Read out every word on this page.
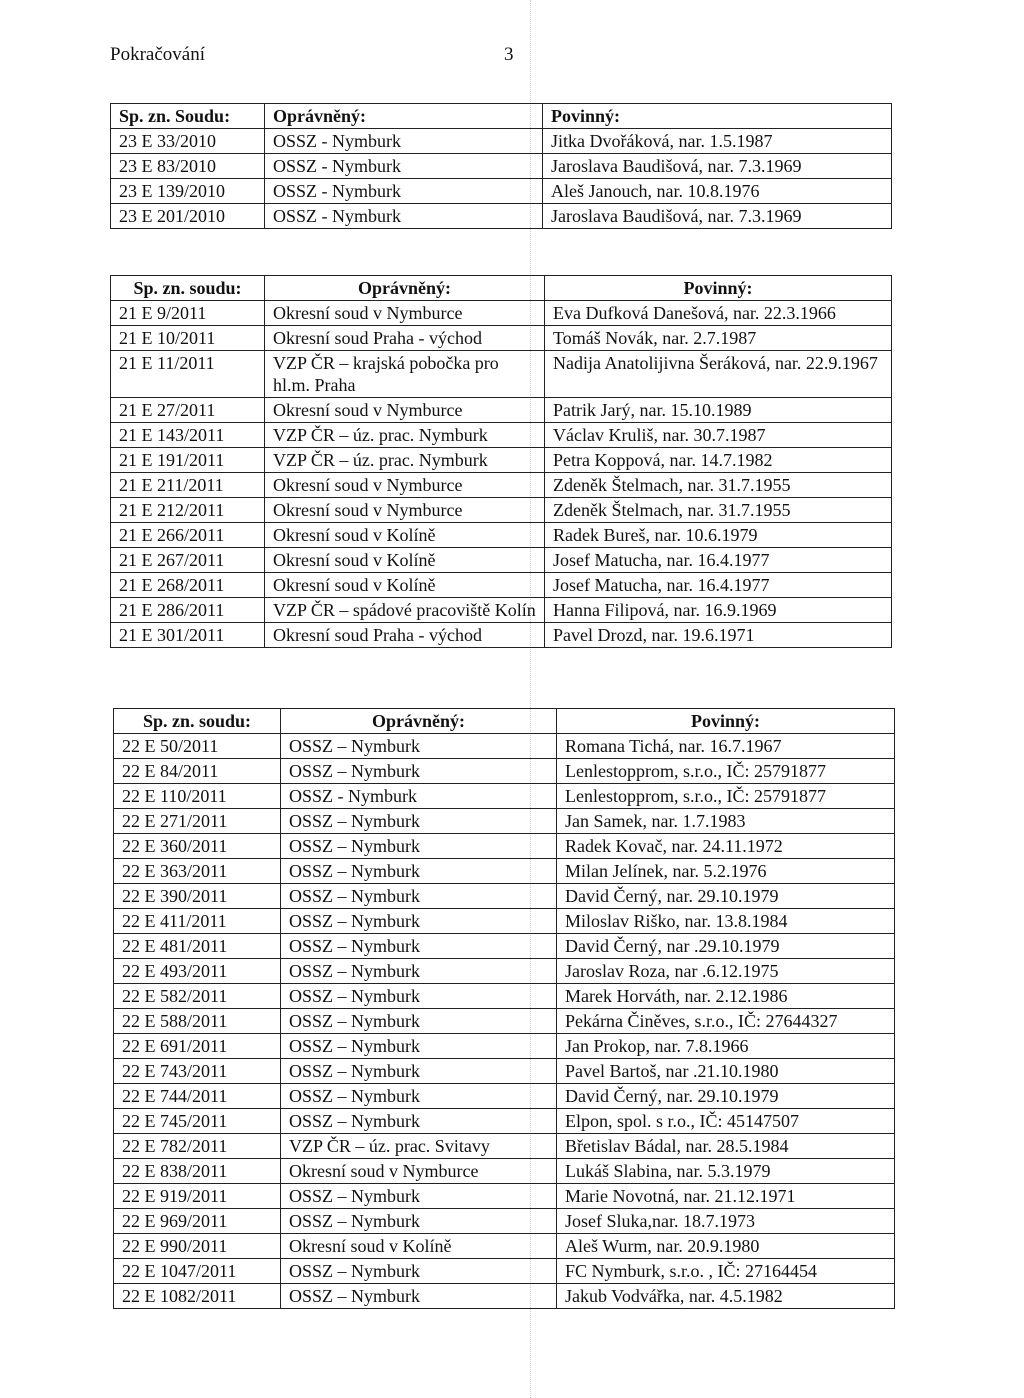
Pokračování	3
Sp. zn. Soudu:	Oprávněný:	Povinný:
23 E 33/2010	OSSZ - Nymburk	Jitka Dvořáková, nar. 1.5.1987
23 E 83/2010	OSSZ - Nymburk	Jaroslava Baudišová, nar. 7.3.1969
23 E 139/2010	OSSZ - Nymburk	Aleš Janouch, nar. 10.8.1976
23 E 201/2010	OSSZ - Nymburk	Jaroslava Baudišová, nar. 7.3.1969
Sp. zn. soudu:	Oprávněný:	Povinný:
21 E 9/2011	Okresní soud v Nymburce	Eva Dufková Danešová, nar. 22.3.1966
21 E 10/2011	Okresní soud Praha - východ	Tomáš Novák, nar. 2.7.1987
21 E 11/2011	VZP ČR – krajská pobočka pro hl.m. Praha	Nadija Anatolijivna Šeráková, nar. 22.9.1967
21 E 27/2011	Okresní soud v Nymburce	Patrik Jarý, nar. 15.10.1989
21 E 143/2011	VZP ČR – úz. prac. Nymburk	Václav Kruliš, nar. 30.7.1987
21 E 191/2011	VZP ČR – úz. prac. Nymburk	Petra Koppová, nar. 14.7.1982
21 E 211/2011	Okresní soud v Nymburce	Zdeněk Štelmach, nar. 31.7.1955
21 E 212/2011	Okresní soud v Nymburce	Zdeněk Štelmach, nar. 31.7.1955
21 E 266/2011	Okresní soud v Kolíně	Radek Bureš, nar. 10.6.1979
21 E 267/2011	Okresní soud v Kolíně	Josef Matucha, nar. 16.4.1977
21 E 268/2011	Okresní soud v Kolíně	Josef Matucha, nar. 16.4.1977
21 E 286/2011	VZP ČR – spádové pracoviště Kolín	Hanna Filipová, nar. 16.9.1969
21 E 301/2011	Okresní soud Praha - východ	Pavel Drozd, nar. 19.6.1971
Sp. zn. soudu:	Oprávněný:	Povinný:
22 E 50/2011	OSSZ – Nymburk	Romana Tichá, nar. 16.7.1967
22 E 84/2011	OSSZ – Nymburk	Lenlestopprom, s.r.o., IČ: 25791877
22 E 110/2011	OSSZ - Nymburk	Lenlestopprom, s.r.o., IČ: 25791877
22 E 271/2011	OSSZ – Nymburk	Jan Samek, nar. 1.7.1983
22 E 360/2011	OSSZ – Nymburk	Radek Kovač, nar. 24.11.1972
22 E 363/2011	OSSZ – Nymburk	Milan Jelínek, nar. 5.2.1976
22 E 390/2011	OSSZ – Nymburk	David Černý, nar. 29.10.1979
22 E 411/2011	OSSZ – Nymburk	Miloslav Riško, nar. 13.8.1984
22 E 481/2011	OSSZ – Nymburk	David Černý, nar .29.10.1979
22 E 493/2011	OSSZ – Nymburk	Jaroslav Roza, nar .6.12.1975
22 E 582/2011	OSSZ – Nymburk	Marek Horváth, nar. 2.12.1986
22 E 588/2011	OSSZ – Nymburk	Pekárna Činěves, s.r.o., IČ: 27644327
22 E 691/2011	OSSZ – Nymburk	Jan Prokop, nar. 7.8.1966
22 E 743/2011	OSSZ – Nymburk	Pavel Bartoš, nar .21.10.1980
22 E 744/2011	OSSZ – Nymburk	David Černý, nar. 29.10.1979
22 E 745/2011	OSSZ – Nymburk	Elpon, spol. s r.o., IČ: 45147507
22 E 782/2011	VZP ČR – úz. prac. Svitavy	Břetislav Bádal, nar. 28.5.1984
22 E 838/2011	Okresní soud v Nymburce	Lukáš Slabina, nar. 5.3.1979
22 E 919/2011	OSSZ – Nymburk	Marie Novotná, nar. 21.12.1971
22 E 969/2011	OSSZ – Nymburk	Josef Sluka,nar. 18.7.1973
22 E 990/2011	Okresní soud v Kolíně	Aleš Wurm, nar. 20.9.1980
22 E 1047/2011	OSSZ – Nymburk	FC Nymburk, s.r.o. , IČ: 27164454
22 E 1082/2011	OSSZ – Nymburk	Jakub Vodvářka, nar. 4.5.1982
